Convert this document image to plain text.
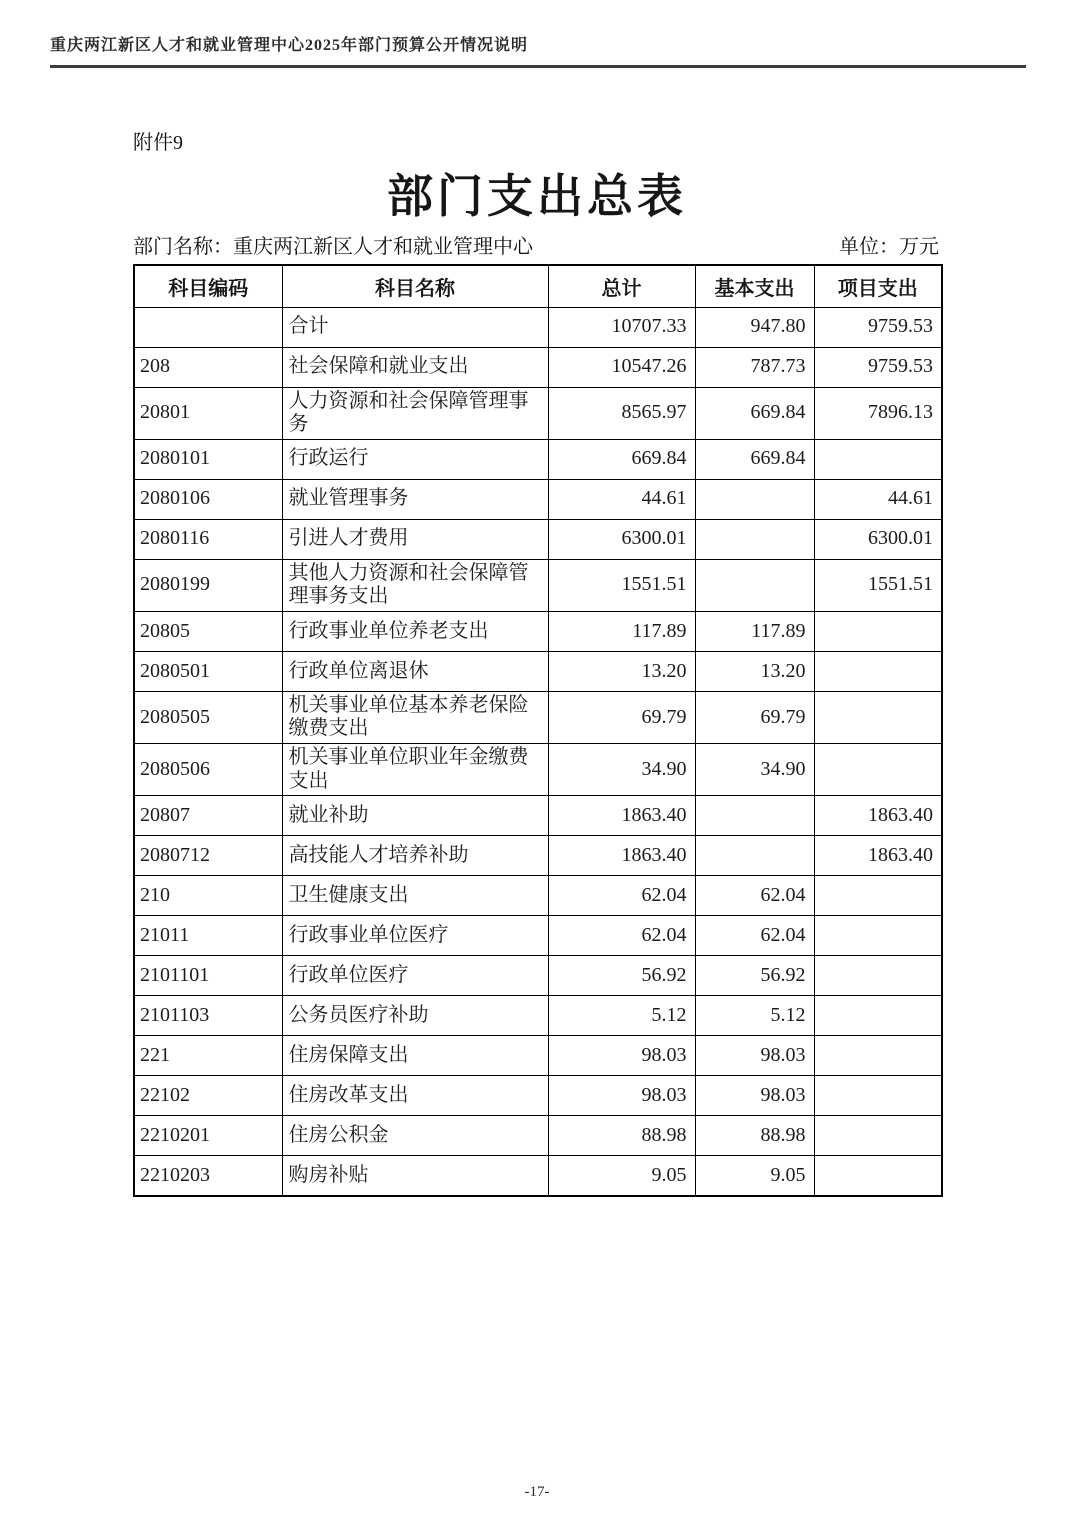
重庆两江新区人才和就业管理中心2025年部门预算公开情况说明
附件9
部门支出总表
部门名称：重庆两江新区人才和就业管理中心	单位：万元
科目编码	科目名称	总计	基本支出	项目支出
	合计	10707.33	947.80	9759.53
208	社会保障和就业支出	10547.26	787.73	9759.53
20801	人力资源和社会保障管理事务	8565.97	669.84	7896.13
2080101	行政运行	669.84	669.84	
2080106	就业管理事务	44.61		44.61
2080116	引进人才费用	6300.01		6300.01
2080199	其他人力资源和社会保障管理事务支出	1551.51		1551.51
20805	行政事业单位养老支出	117.89	117.89	
2080501	行政单位离退休	13.20	13.20	
2080505	机关事业单位基本养老保险缴费支出	69.79	69.79	
2080506	机关事业单位职业年金缴费支出	34.90	34.90	
20807	就业补助	1863.40		1863.40
2080712	高技能人才培养补助	1863.40		1863.40
210	卫生健康支出	62.04	62.04	
21011	行政事业单位医疗	62.04	62.04	
2101101	行政单位医疗	56.92	56.92	
2101103	公务员医疗补助	5.12	5.12	
221	住房保障支出	98.03	98.03	
22102	住房改革支出	98.03	98.03	
2210201	住房公积金	88.98	88.98	
2210203	购房补贴	9.05	9.05	
-17-
